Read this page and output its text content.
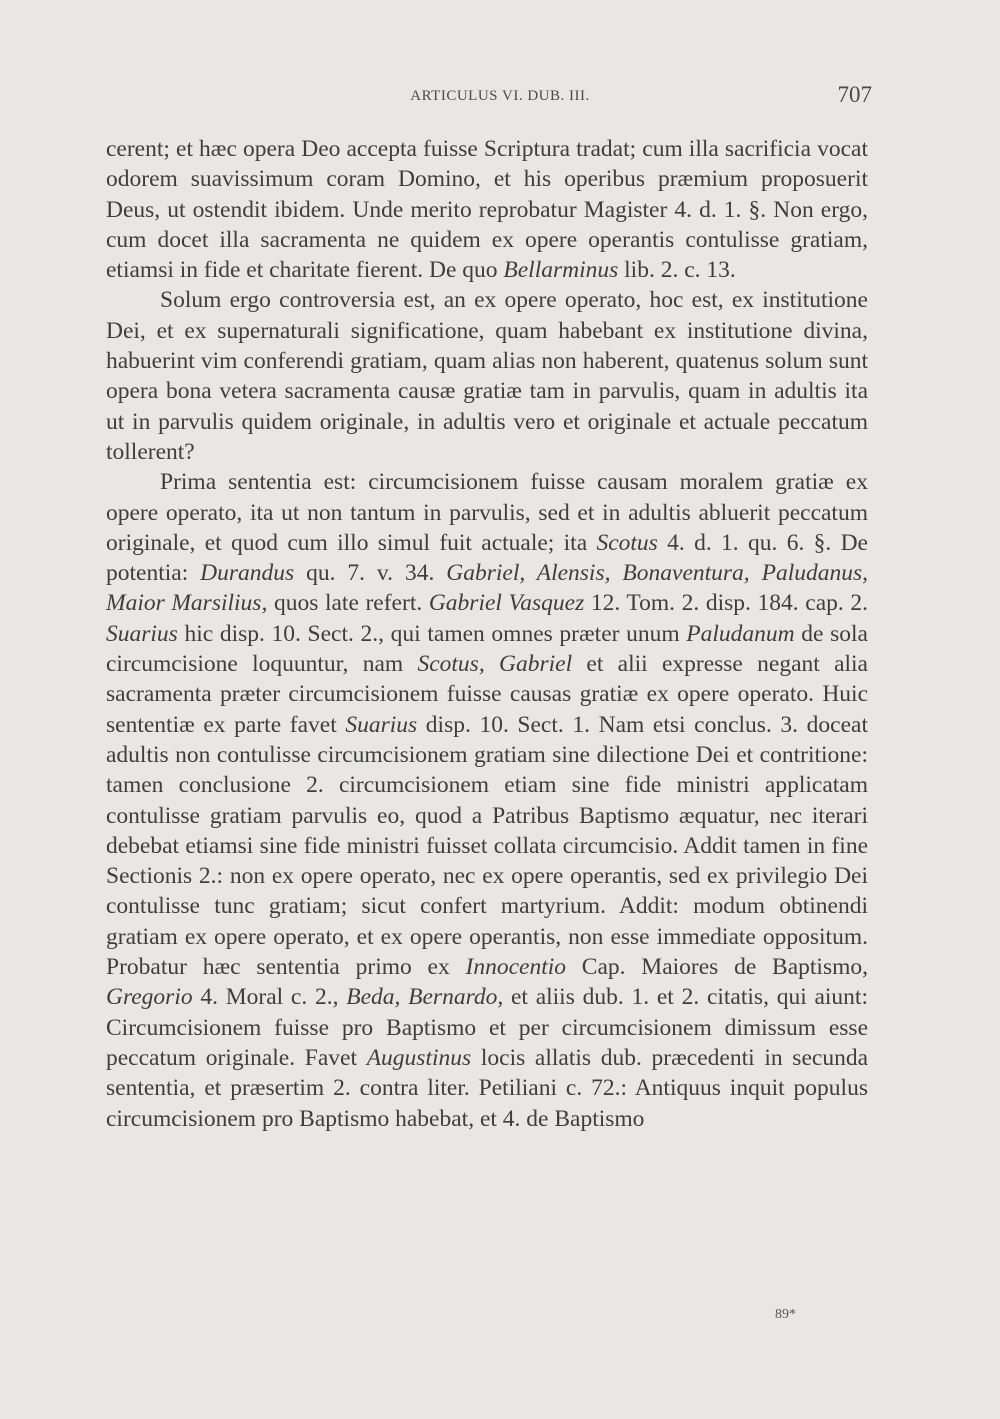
ARTICULUS VI. DUB. III.	707

cerent; et hæc opera Deo accepta fuisse Scriptura tradat; cum illa sacrificia vocat odorem suavissimum coram Domino, et his operibus præmium proposuerit Deus, ut ostendit ibidem. Unde merito reprobatur Magister 4. d. 1. §. Non ergo, cum docet illa sacramenta ne quidem ex opere operantis contulisse gratiam, etiamsi in fide et charitate fierent. De quo Bellarminus lib. 2. c. 13.

Solum ergo controversia est, an ex opere operato, hoc est, ex institutione Dei, et ex supernaturali significatione, quam habebant ex institutione divina, habuerint vim conferendi gratiam, quam alias non haberent, quatenus solum sunt opera bona vetera sacramenta causæ gratiæ tam in parvulis, quam in adultis ita ut in parvulis quidem originale, in adultis vero et originale et actuale peccatum tollerent?

Prima sententia est: circumcisionem fuisse causam moralem gratiæ ex opere operato, ita ut non tantum in parvulis, sed et in adultis abluerit peccatum originale, et quod cum illo simul fuit actuale; ita Scotus 4. d. 1. qu. 6. §. De potentia: Durandus qu. 7. v. 34. Gabriel, Alensis, Bonaventura, Paludanus, Maior Marsilius, quos late refert. Gabriel Vasquez 12. Tom. 2. disp. 184. cap. 2. Suarius hic disp. 10. Sect. 2., qui tamen omnes præter unum Paludanum de sola circumcisione loquuntur, nam Scotus, Gabriel et alii expresse negant alia sacramenta præter circumcisionem fuisse causas gratiæ ex opere operato. Huic sententiæ ex parte favet Suarius disp. 10. Sect. 1. Nam etsi conclus. 3. doceat adultis non contulisse circumcisionem gratiam sine dilectione Dei et contritione: tamen conclusione 2. circumcisionem etiam sine fide ministri applicatam contulisse gratiam parvulis eo, quod a Patribus Baptismo æquatur, nec iterari debebat etiamsi sine fide ministri fuisset collata circumcisio. Addit tamen in fine Sectionis 2.: non ex opere operato, nec ex opere operantis, sed ex privilegio Dei contulisse tunc gratiam; sicut confert martyrium. Addit: modum obtinendi gratiam ex opere operato, et ex opere operantis, non esse immediate oppositum. Probatur hæc sententia primo ex Innocentio Cap. Maiores de Baptismo, Gregorio 4. Moral c. 2., Beda, Bernardo, et aliis dub. 1. et 2. citatis, qui aiunt: Circumcisionem fuisse pro Baptismo et per circumcisionem dimissum esse peccatum originale. Favet Augustinus locis allatis dub. præcedenti in secunda sententia, et præsertim 2. contra liter. Petiliani c. 72.: Antiquus inquit populus circumcisionem pro Baptismo habebat, et 4. de Baptismo

89*
